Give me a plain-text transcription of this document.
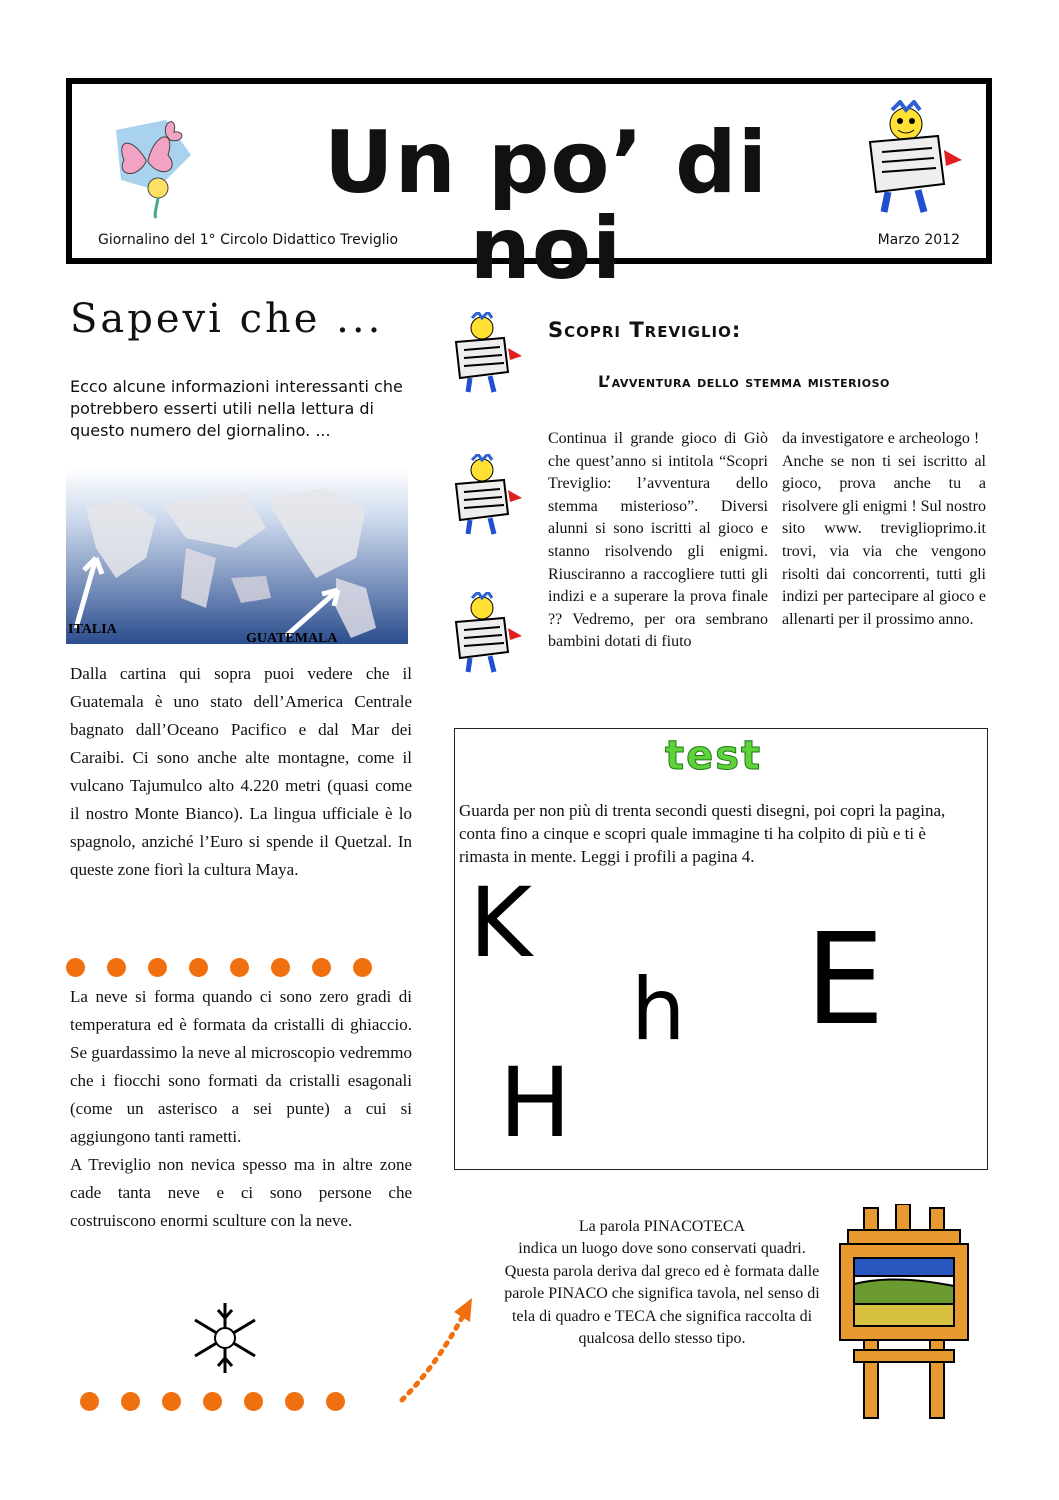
Un po’ di noi
Giornalino del 1° Circolo Didattico Treviglio	Marzo 2012
Sapevi che ...
Ecco alcune informazioni interessanti che potrebbero esserti utili nella lettura di questo numero del giornalino. ...
ITALIA
GUATEMALA
Dalla cartina qui sopra puoi vedere che il Guatemala è uno stato dell’America Centrale bagnato dall’Oceano Pacifico e dal Mar dei Caraibi. Ci sono anche alte montagne, come il vulcano Tajumulco alto 4.220 metri (quasi come il nostro Monte Bianco). La lingua ufficiale è lo spagnolo, anziché l’Euro si spende il Quetzal. In queste zone fiorì la cultura Maya.
La neve si forma quando ci sono zero gradi di temperatura ed è formata da cristalli di ghiaccio. Se guardassimo la neve al microscopio vedremmo che i fiocchi sono formati da cristalli esagonali (come un asterisco a sei punte) a cui si aggiungono tanti rametti.
A Treviglio non nevica spesso ma in altre zone cade tanta neve e ci sono persone che costruiscono enormi sculture con la neve.
Scopri Treviglio:
L’avventura dello stemma misterioso
Continua il grande gioco di Giò che quest’anno si intitola “Scopri Treviglio: l’avventura dello stemma misterioso”. Diversi alunni si sono iscritti al gioco e stanno risolvendo gli enigmi. Riusciranno a raccogliere tutti gli indizi e a superare la prova finale ?? Vedremo, per ora sembrano bambini dotati di fiuto
da investigatore e archeologo !
Anche se non ti sei iscritto al gioco, prova anche tu a risolvere gli enigmi ! Sul nostro sito www. treviglioprimo.it trovi, via via che vengono risolti dai concorrenti, tutti gli indizi per partecipare al gioco e allenarti per il prossimo anno.
test
Guarda per non più di trenta secondi questi disegni, poi copri la pagina, conta fino a cinque e scopri quale immagine ti ha colpito di più e ti è rimasta in mente. Leggi i profili a pagina 4.
K
h E
H
La parola PINACOTECA
indica un luogo dove sono conservati quadri.
Questa parola deriva dal greco ed è formata dalle parole PINACO che significa tavola, nel senso di tela di quadro e TECA che significa raccolta di qualcosa dello stesso tipo.
